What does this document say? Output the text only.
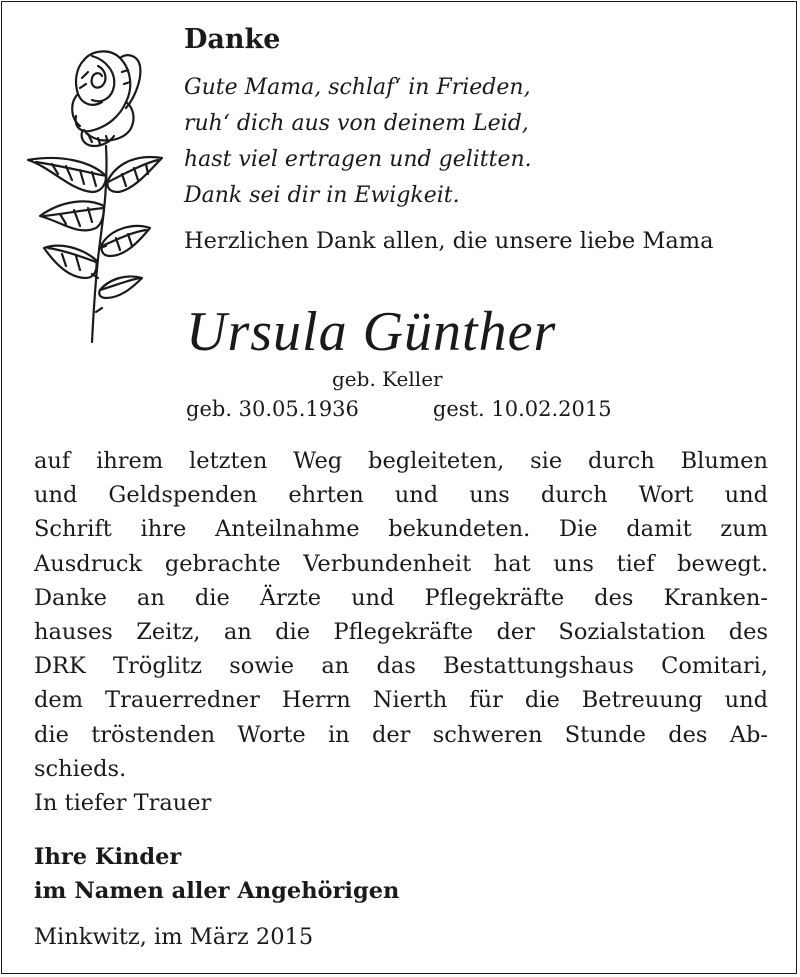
Danke
Gute Mama, schlaf‘ in Frieden,
ruh‘ dich aus von deinem Leid,
hast viel ertragen und gelitten.
Dank sei dir in Ewigkeit.
Herzlichen Dank allen, die unsere liebe Mama
Ursula Günther
geb. Keller
geb. 30.05.1936	gest. 10.02.2015
auf ihrem letzten Weg begleiteten, sie durch Blumen
und Geldspenden ehrten und uns durch Wort und
Schrift ihre Anteilnahme bekundeten. Die damit zum
Ausdruck gebrachte Verbundenheit hat uns tief bewegt.
Danke an die Ärzte und Pflegekräfte des Kranken-
hauses Zeitz, an die Pflegekräfte der Sozialstation des
DRK Tröglitz sowie an das Bestattungshaus Comitari,
dem Trauerredner Herrn Nierth für die Betreuung und
die tröstenden Worte in der schweren Stunde des Ab-
schieds.
In tiefer Trauer
Ihre Kinder
im Namen aller Angehörigen
Minkwitz, im März 2015
